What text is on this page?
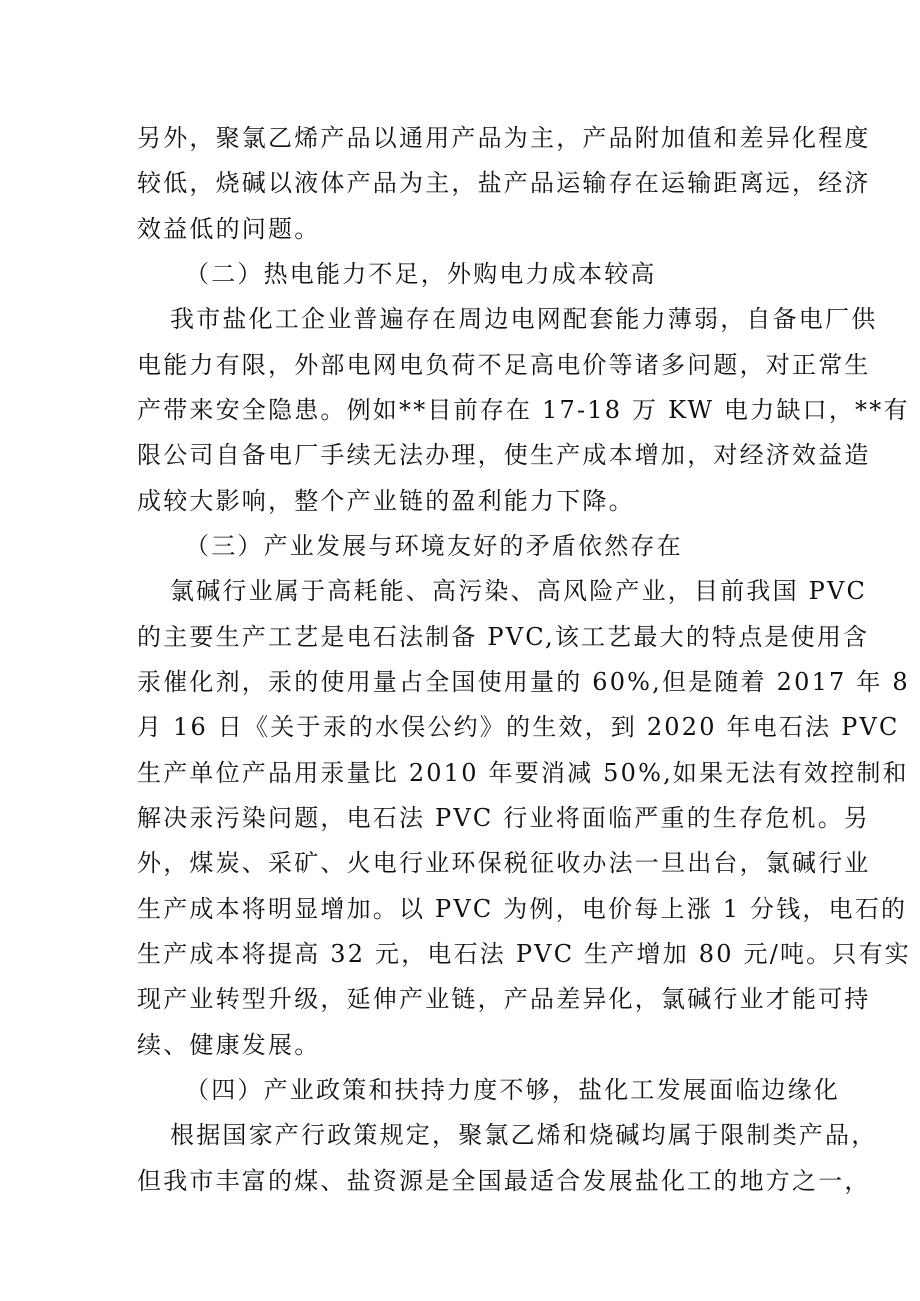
另外，聚氯乙烯产品以通用产品为主，产品附加值和差异化程度
较低，烧碱以液体产品为主，盐产品运输存在运输距离远，经济
效益低的问题。
（二）热电能力不足，外购电力成本较高
我市盐化工企业普遍存在周边电网配套能力薄弱，自备电厂供
电能力有限，外部电网电负荷不足高电价等诸多问题，对正常生
产带来安全隐患。例如**目前存在 17-18 万 KW 电力缺口，**有
限公司自备电厂手续无法办理，使生产成本增加，对经济效益造
成较大影响，整个产业链的盈利能力下降。
（三）产业发展与环境友好的矛盾依然存在
氯碱行业属于高耗能、高污染、高风险产业，目前我国 PVC
的主要生产工艺是电石法制备 PVC,该工艺最大的特点是使用含
汞催化剂，汞的使用量占全国使用量的 60%,但是随着 2017 年 8
月 16 日《关于汞的水俣公约》的生效，到 2020 年电石法 PVC
生产单位产品用汞量比 2010 年要消减 50%,如果无法有效控制和
解决汞污染问题，电石法 PVC 行业将面临严重的生存危机。另
外，煤炭、采矿、火电行业环保税征收办法一旦出台，氯碱行业
生产成本将明显增加。以 PVC 为例，电价每上涨 1 分钱，电石的
生产成本将提高 32 元，电石法 PVC 生产增加 80 元/吨。只有实
现产业转型升级，延伸产业链，产品差异化，氯碱行业才能可持
续、健康发展。
（四）产业政策和扶持力度不够，盐化工发展面临边缘化
根据国家产行政策规定，聚氯乙烯和烧碱均属于限制类产品，
但我市丰富的煤、盐资源是全国最适合发展盐化工的地方之一，
